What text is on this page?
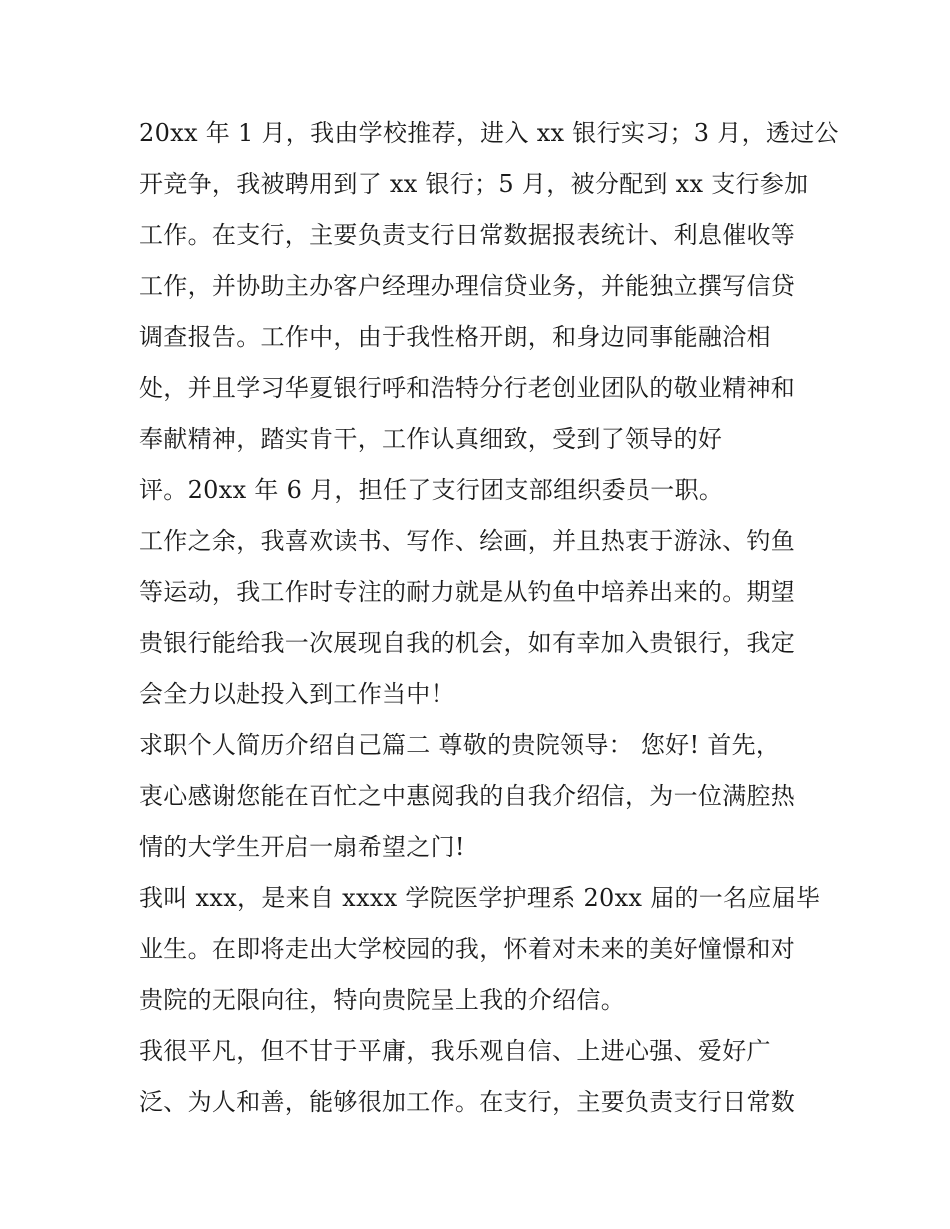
20xx 年 1 月，我由学校推荐，进入 xx 银行实习；3 月，透过公
开竞争，我被聘用到了 xx 银行；5 月，被分配到 xx 支行参加
工作。在支行，主要负责支行日常数据报表统计、利息催收等
工作，并协助主办客户经理办理信贷业务，并能独立撰写信贷
调查报告。工作中，由于我性格开朗，和身边同事能融洽相
处，并且学习华夏银行呼和浩特分行老创业团队的敬业精神和
奉献精神，踏实肯干，工作认真细致，受到了领导的好
评。20xx 年 6 月，担任了支行团支部组织委员一职。
工作之余，我喜欢读书、写作、绘画，并且热衷于游泳、钓鱼
等运动，我工作时专注的耐力就是从钓鱼中培养出来的。期望
贵银行能给我一次展现自我的机会，如有幸加入贵银行，我定
会全力以赴投入到工作当中！
求职个人简历介绍自己篇二 尊敬的贵院领导： 您好! 首先，
衷心感谢您能在百忙之中惠阅我的自我介绍信，为一位满腔热
情的大学生开启一扇希望之门!
我叫 xxx，是来自 xxxx 学院医学护理系 20xx 届的一名应届毕
业生。在即将走出大学校园的我，怀着对未来的美好憧憬和对
贵院的无限向往，特向贵院呈上我的介绍信。
我很平凡，但不甘于平庸，我乐观自信、上进心强、爱好广
泛、为人和善，能够很加工作。在支行，主要负责支行日常数
